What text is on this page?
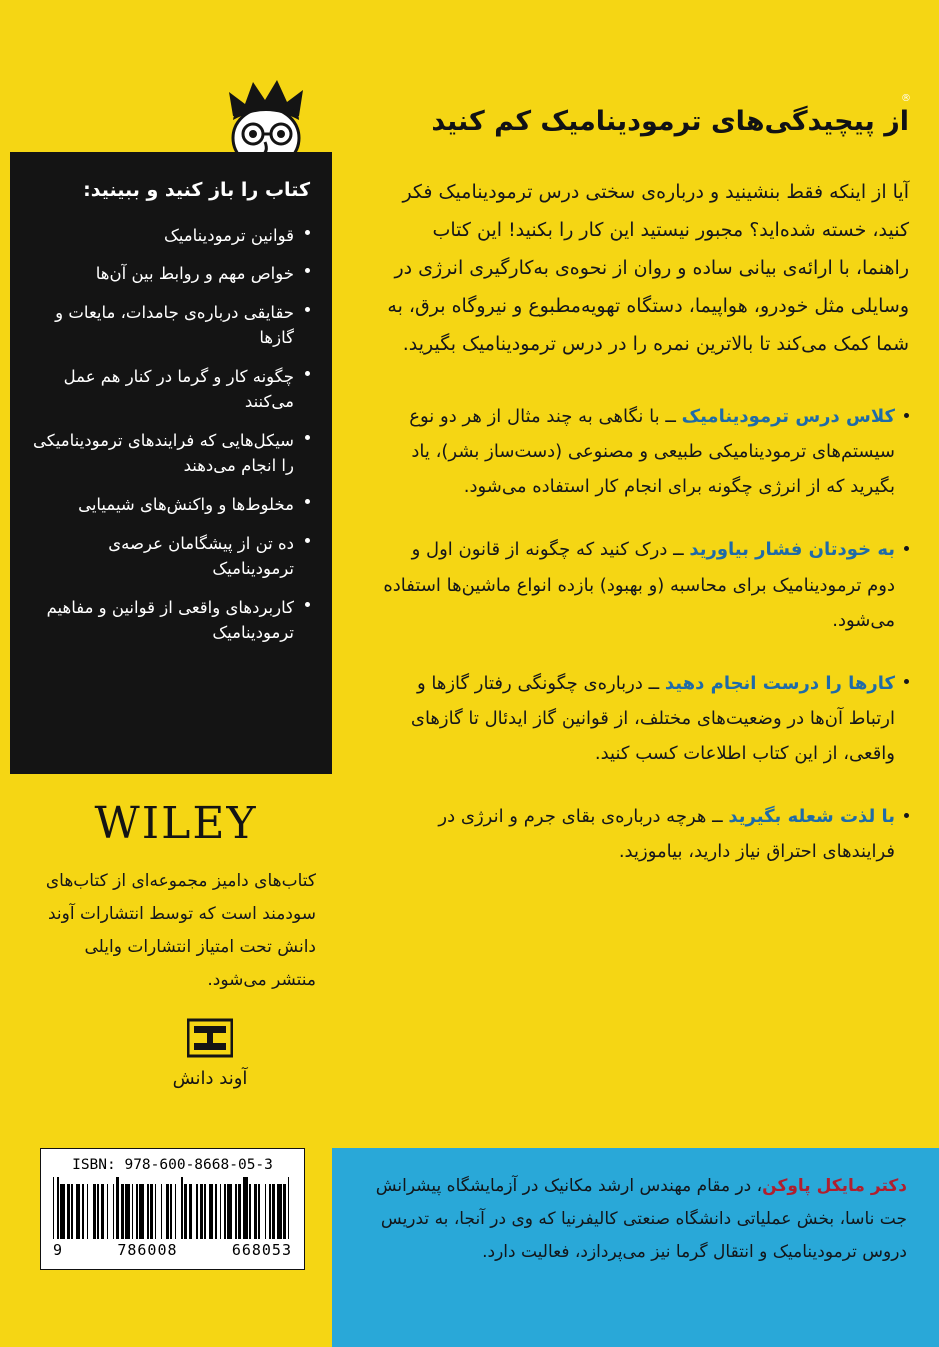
®
کتاب را باز کنید و ببینید:
قوانین ترمودینامیک
خواص مهم و روابط بین آن‌ها
حقایقی درباره‌ی جامدات، مایعات و گازها
چگونه کار و گرما در کنار هم عمل می‌کنند
سیکل‌هایی که فرایندهای ترمودینامیکی را انجام می‌دهند
مخلوط‌ها و واکنش‌های شیمیایی
ده تن از پیشگامان عرصه‌ی ترمودینامیک
کاربردهای واقعی از قوانین و مفاهیم ترمودینامیک
از پیچیدگی‌های ترمودینامیک کم کنید

آیا از اینکه فقط بنشینید و درباره‌ی سختی درس ترمودینامیک فکر کنید، خسته شده‌اید؟ مجبور نیستید این کار را بکنید! این کتاب راهنما، با ارائه‌ی بیانی ساده و روان از نحوه‌ی به‌کارگیری انرژی در وسایلی مثل خودرو، هواپیما، دستگاه تهویه‌مطبوع و نیروگاه برق، به شما کمک می‌کند تا بالاترین نمره را در درس ترمودینامیک بگیرید.

کلاس درس ترمودینامیک ــ با نگاهی به چند مثال از هر دو نوع سیستم‌های ترمودینامیکی طبیعی و مصنوعی (دست‌ساز بشر)، یاد بگیرید که از انرژی چگونه برای انجام کار استفاده می‌شود.

به خودتان فشار بیاورید ــ درک کنید که چگونه از قانون اول و دوم ترمودینامیک برای محاسبه (و بهبود) بازده انواع ماشین‌ها استفاده می‌شود.

کارها را درست انجام دهید ــ درباره‌ی چگونگی رفتار گازها و ارتباط آن‌ها در وضعیت‌های مختلف، از قوانین گاز ایدئال تا گازهای واقعی، از این کتاب اطلاعات کسب کنید.

با لذت شعله بگیرید ــ هرچه درباره‌ی بقای جرم و انرژی در فرایندهای احتراق نیاز دارید، بیاموزید.

WILEY

کتاب‌های دامیز مجموعه‌ای از کتاب‌های سودمند است که توسط انتشارات آوند دانش تحت امتیاز انتشارات وایلی منتشر می‌شود.

آوند دانش
ISBN: 978-600-8668-05-3
9	786008	668053

دکتر مایکل پاوکن، در مقام مهندس ارشد مکانیک در آزمایشگاه پیشرانش جت ناسا، بخش عملیاتی دانشگاه صنعتی کالیفرنیا که وی در آنجا، به تدریس دروس ترمودینامیک و انتقال گرما نیز می‌پردازد، فعالیت دارد.
